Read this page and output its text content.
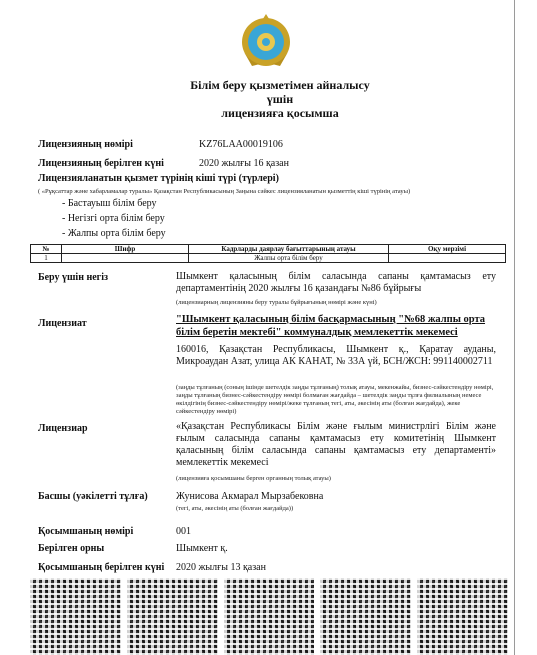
Білім беру қызметімен айналысу
үшін
лицензияға қосымша
Лицензияның нөмірі	KZ76LAA00019106
Лицензияның берілген күні	2020 жылғы 16 қазан
Лицензияланатын қызмет түрінің кіші түрі (түрлері)
( «Рұқсаттар және хабарламалар туралы» Қазақстан Республикасының Заңына сәйкес лицензияланатын қызметтің кіші түрінің атауы)
- Бастауыш білім беру
- Негізгі орта білім беру
- Жалпы орта білім беру
№	Шифр	Кадрларды даярлау бағыттарының атауы	Оқу мерзімі
1		Жалпы орта білім беру	
Беру үшін негіз	Шымкент қаласының білім саласында сапаны қамтамасыз ету департаментінің 2020 жылғы 16 қазандағы №86 бұйрығы
(лицензиарның лицензияны беру туралы бұйрығының нөмірі және күні)
Лицензиат	"Шымкент қаласының білім басқармасының "№68 жалпы орта білім беретін мектебі" коммуналдық мемлекеттік мекемесі
160016, Қазақстан Республикасы, Шымкент қ., Қаратау ауданы, Микроаудан Азат, улица АК КАНАТ, № 33А үй, БСН/ЖСН: 991140002711
(заңды тұлғаның (соның ішінде шетелдік заңды тұлғаның) толық атауы, мекенжайы, бизнес-сәйкестендіру нөмірі, заңды тұлғаның бизнес-сәйкестендіру нөмірі болмаған жағдайда – шетелдік заңды тұлға филиалының немесе өкілдігінің бизнес-сәйкестендіру нөмірі/жеке тұлғаның тегі, аты, әкесінің аты (болған жағдайда), жеке сәйкестендіру нөмірі)
Лицензиар	«Қазақстан Республикасы Білім және ғылым министрлігі Білім және ғылым саласында сапаны қамтамасыз ету комитетінің Шымкент қаласының білім саласында сапаны қамтамасыз ету департаменті» мемлекеттік мекемесі
(лицензияға қосымшаны берген органның толық атауы)
Басшы (уәкілетті тұлға)	Жунисова Акмарал Мырзабековна
(тегі, аты, әкесінің аты (болған жағдайда))
Қосымшаның нөмірі	001
Берілген орны	Шымкент қ.
Қосымшаның берілген күні 2020 жылғы 13 қазан
